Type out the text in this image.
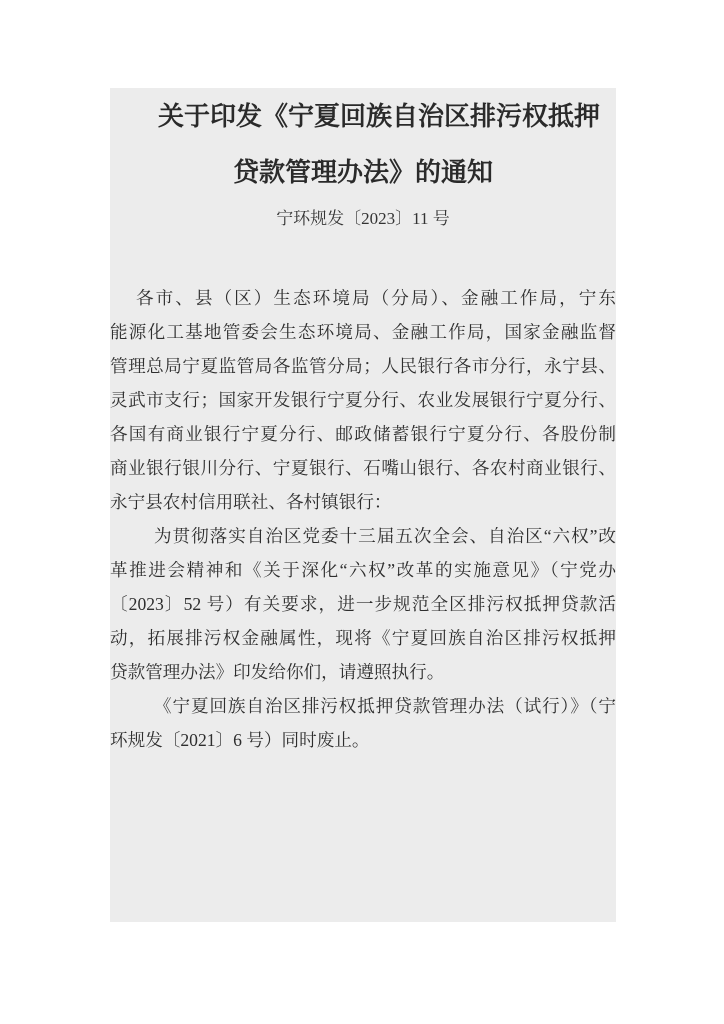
关于印发《宁夏回族自治区排污权抵押
贷款管理办法》的通知
宁环规发〔2023〕11 号
各市、县（区）生态环境局（分局）、金融工作局，宁东
能源化工基地管委会生态环境局、金融工作局，国家金融监督
管理总局宁夏监管局各监管分局；人民银行各市分行，永宁县、
灵武市支行；国家开发银行宁夏分行、农业发展银行宁夏分行、
各国有商业银行宁夏分行、邮政储蓄银行宁夏分行、各股份制
商业银行银川分行、宁夏银行、石嘴山银行、各农村商业银行、
永宁县农村信用联社、各村镇银行：
为贯彻落实自治区党委十三届五次全会、自治区“六权”改
革推进会精神和《关于深化“六权”改革的实施意见》（宁党办
〔2023〕52 号）有关要求，进一步规范全区排污权抵押贷款活
动，拓展排污权金融属性，现将《宁夏回族自治区排污权抵押
贷款管理办法》印发给你们，请遵照执行。
《宁夏回族自治区排污权抵押贷款管理办法（试行）》（宁
环规发〔2021〕6 号）同时废止。
